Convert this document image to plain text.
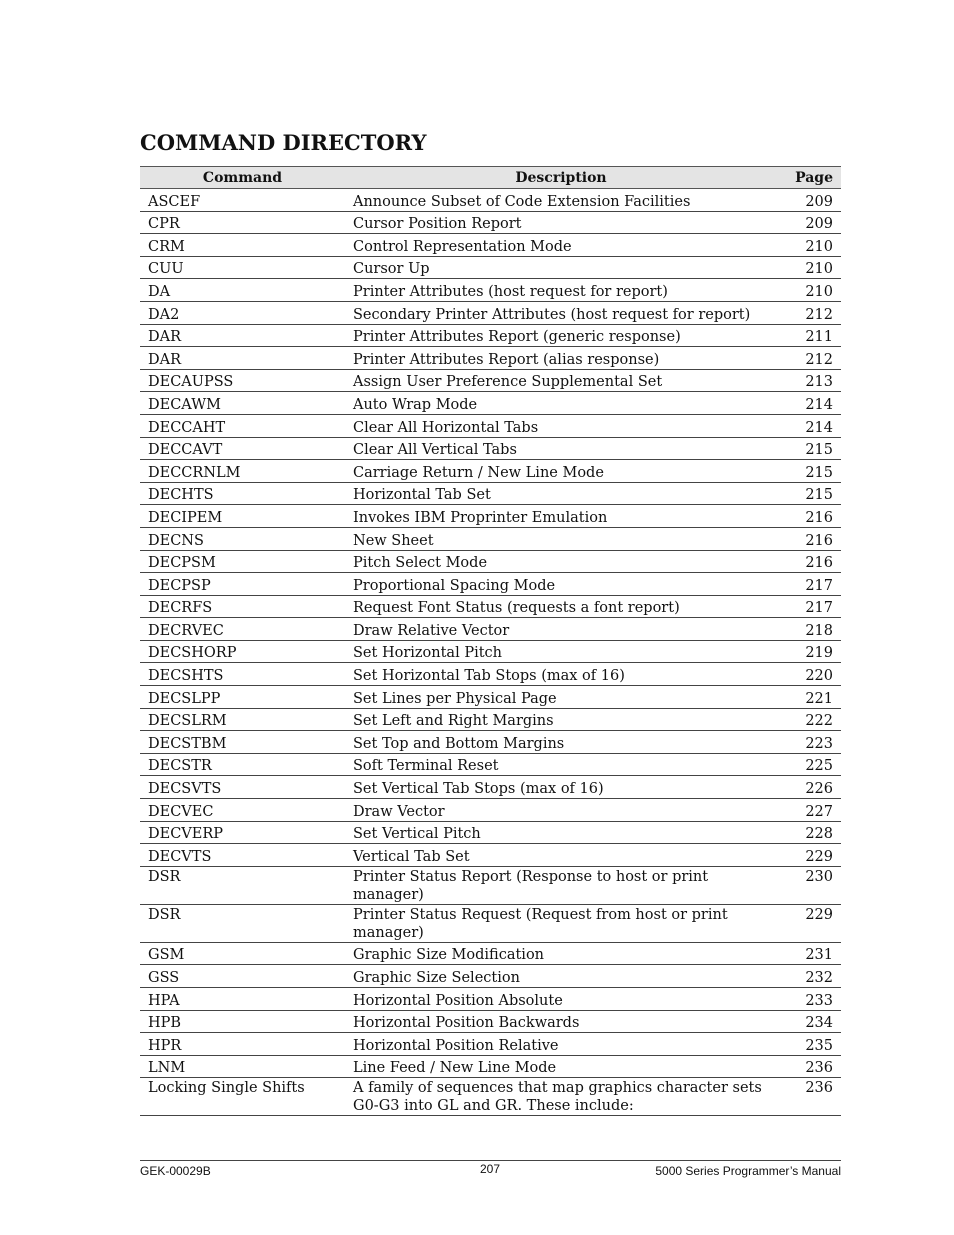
COMMAND DIRECTORY
Command	Description	Page
ASCEF	Announce Subset of Code Extension Facilities	209
CPR	Cursor Position Report	209
CRM	Control Representation Mode	210
CUU	Cursor Up	210
DA	Printer Attributes (host request for report)	210
DA2	Secondary Printer Attributes (host request for report)	212
DAR	Printer Attributes Report (generic response)	211
DAR	Printer Attributes Report (alias response)	212
DECAUPSS	Assign User Preference Supplemental Set	213
DECAWM	Auto Wrap Mode	214
DECCAHT	Clear All Horizontal Tabs	214
DECCAVT	Clear All Vertical Tabs	215
DECCRNLM	Carriage Return / New Line Mode	215
DECHTS	Horizontal Tab Set	215
DECIPEM	Invokes IBM Proprinter Emulation	216
DECNS	New Sheet	216
DECPSM	Pitch Select Mode	216
DECPSP	Proportional Spacing Mode	217
DECRFS	Request Font Status (requests a font report)	217
DECRVEC	Draw Relative Vector	218
DECSHORP	Set Horizontal Pitch	219
DECSHTS	Set Horizontal Tab Stops (max of 16)	220
DECSLPP	Set Lines per Physical Page	221
DECSLRM	Set Left and Right Margins	222
DECSTBM	Set Top and Bottom Margins	223
DECSTR	Soft Terminal Reset	225
DECSVTS	Set Vertical Tab Stops (max of 16)	226
DECVEC	Draw Vector	227
DECVERP	Set Vertical Pitch	228
DECVTS	Vertical Tab Set	229
DSR	Printer Status Report (Response to host or print manager)	230
DSR	Printer Status Request (Request from host or print manager)	229
GSM	Graphic Size Modification	231
GSS	Graphic Size Selection	232
HPA	Horizontal Position Absolute	233
HPB	Horizontal Position Backwards	234
HPR	Horizontal Position Relative	235
LNM	Line Feed / New Line Mode	236
Locking Single Shifts	A family of sequences that map graphics character sets G0-G3 into GL and GR. These include:	236
GEK-00029B	207	5000 Series Programmer’s Manual
